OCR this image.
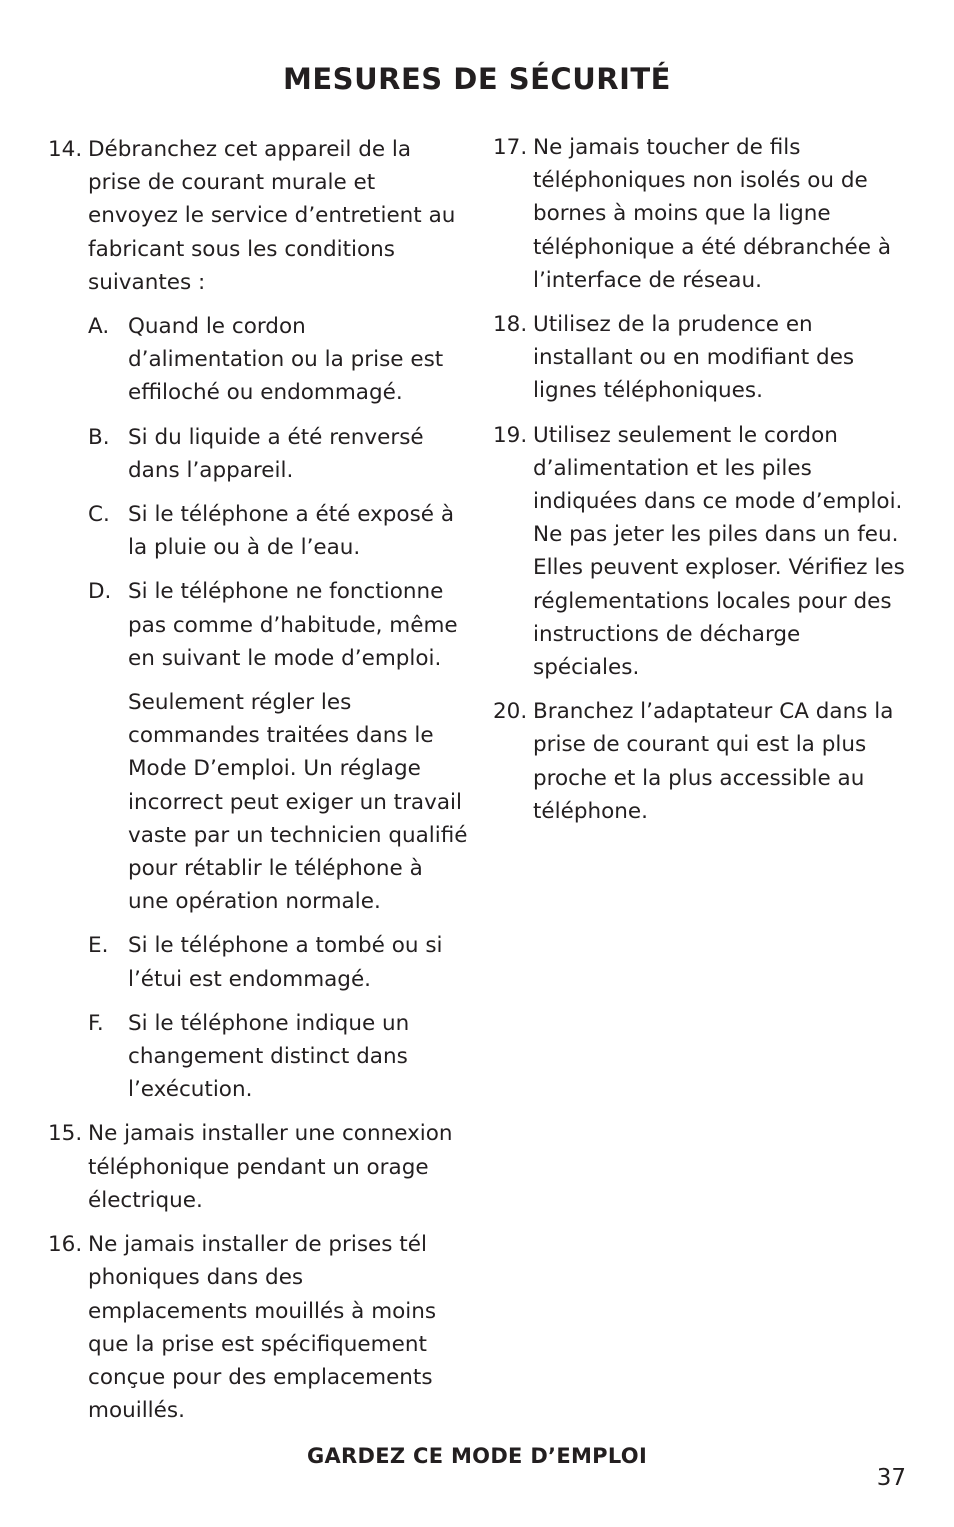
MESURES DE SÉCURITÉ
14. Débranchez cet appareil de la prise de courant murale et envoyez le service d’entretient au fabricant sous les conditions suivantes :
A. Quand le cordon d’alimentation ou la prise est effiloché ou endommagé.
B. Si du liquide a été renversé dans l’appareil.
C. Si le téléphone a été exposé à la pluie ou à de l’eau.
D. Si le téléphone ne fonctionne pas comme d’habitude, même en suivant le mode d’emploi.
Seulement régler les commandes traitées dans le Mode D’emploi. Un réglage incorrect peut exiger un travail vaste par un technicien qualifié pour rétablir le téléphone à une opération normale.
E. Si le téléphone a tombé ou si l’étui est endommagé.
F. Si le téléphone indique un changement distinct dans l’exécution.
15. Ne jamais installer une connexion téléphonique pendant un orage électrique.
16. Ne jamais installer de prises tél phoniques dans des emplacements mouillés à moins que la prise est spécifiquement conçue pour des emplacements mouillés.
17. Ne jamais toucher de fils téléphoniques non isolés ou de bornes à moins que la ligne téléphonique a été débranchée à l’interface de réseau.
18. Utilisez de la prudence en installant ou en modifiant des lignes téléphoniques.
19. Utilisez seulement le cordon d’alimentation et les piles indiquées dans ce mode d’emploi. Ne pas jeter les piles dans un feu. Elles peuvent exploser. Vérifiez les réglementations locales pour des instructions de décharge spéciales.
20. Branchez l’adaptateur CA dans la prise de courant qui est la plus proche et la plus accessible au téléphone.
GARDEZ CE MODE D’EMPLOI
37
